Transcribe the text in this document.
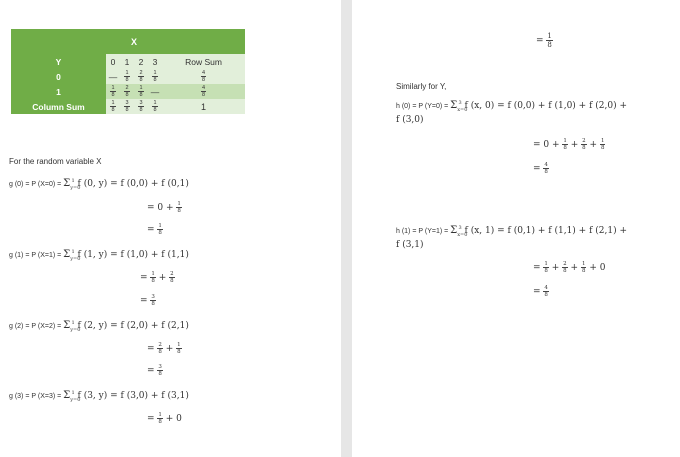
	X				
Y	0	1	2	3	Row Sum
0	—	$\frac{1}{8}$	$\frac{2}{8}$	$\frac{1}{8}$	$\frac{4}{8}$

1	$\frac{1}{8}$	$\frac{2}{8}$	$\frac{1}{8}$	—	$\frac{4}{8}$

Column Sum	$\frac{1}{8}$	$\frac{3}{8}$	$\frac{3}{8}$	$\frac{1}{8}$	1
For the random variable X
g (0) = P $(X=0) = \Sigma_{y=0}^1$ f (0, y) = f (0,0) + f (0,1)
= $0 + \frac{1}{8}$
= $\frac{1}{8}$
g (1) = P $(X=1) = \Sigma_{y=0}^1$ f (1, y) = f (1,0) + f (1,1)
= $\frac{1}{8} + \frac{2}{8}$
= $\frac{3}{8}$
g (2) = P $(X=2) = \Sigma_{y=0}^1$ f (2, y) = f (2,0) + f (2,1)
= $\frac{2}{8} + \frac{1}{8}$
= $\frac{3}{8}$
g (3) = P $(X=3) = \Sigma_{y=0}^1$ f (3, y) = f (3,0) + f (3,1)
= $\frac{1}{8} + 0$
= $\frac{1}{8}$
Similarly for Y,
h (0) = P $(Y=0) = \Sigma_{x=0}^3$ f (x, 0) = f (0,0) + f (1,0) + f (2,0) +
f (3,0)
= $0 + \frac{1}{8} + \frac{2}{8} + \frac{1}{8}$
= $\frac{4}{8}$
h (1) = P $(Y=1) = \Sigma_{x=0}^3$ f (x, 1) = f (0,1) + f (1,1) + f (2,1) +
f (3,1)
= $\frac{1}{8} + \frac{2}{8} + \frac{1}{8} + 0$
= $\frac{4}{8}$
